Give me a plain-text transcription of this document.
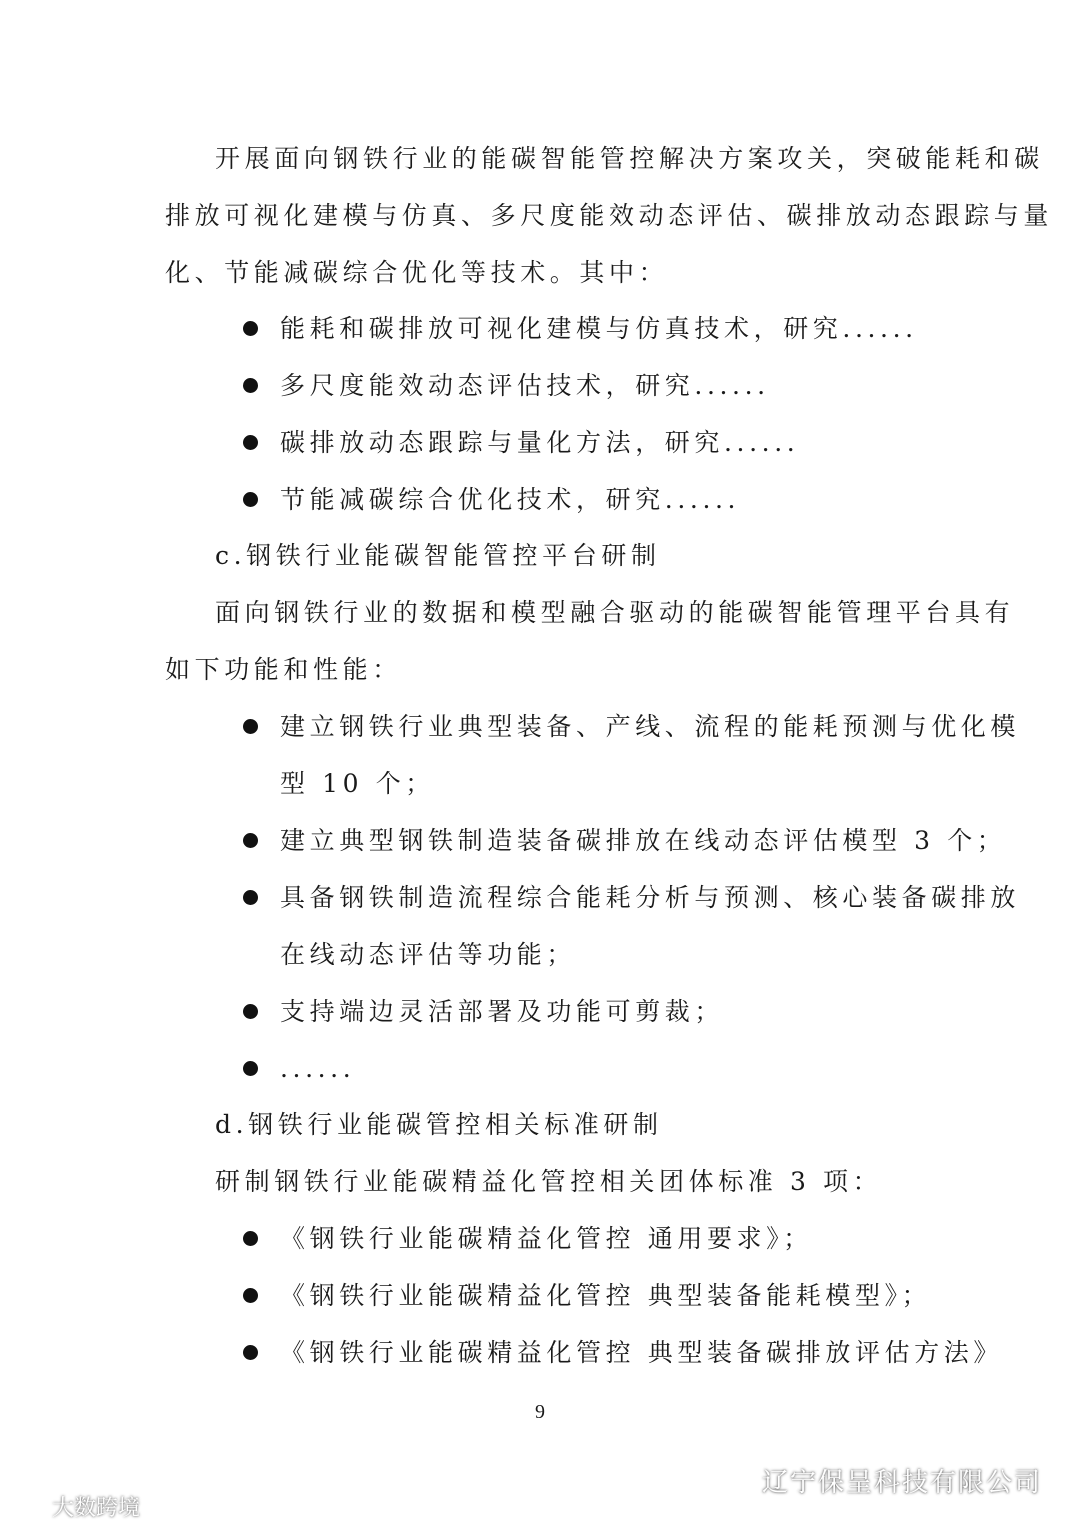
开展面向钢铁行业的能碳智能管控解决方案攻关，突破能耗和碳
排放可视化建模与仿真、多尺度能效动态评估、碳排放动态跟踪与量
化、节能减碳综合优化等技术。其中：
能耗和碳排放可视化建模与仿真技术，研究......
多尺度能效动态评估技术，研究......
碳排放动态跟踪与量化方法，研究......
节能减碳综合优化技术，研究......
c.钢铁行业能碳智能管控平台研制
面向钢铁行业的数据和模型融合驱动的能碳智能管理平台具有
如下功能和性能：
建立钢铁行业典型装备、产线、流程的能耗预测与优化模
型 10 个；
建立典型钢铁制造装备碳排放在线动态评估模型 3 个；
具备钢铁制造流程综合能耗分析与预测、核心装备碳排放
在线动态评估等功能；
支持端边灵活部署及功能可剪裁；
......
d.钢铁行业能碳管控相关标准研制
研制钢铁行业能碳精益化管控相关团体标准 3 项：
《钢铁行业能碳精益化管控 通用要求》；
《钢铁行业能碳精益化管控 典型装备能耗模型》；
《钢铁行业能碳精益化管控 典型装备碳排放评估方法》
9
辽宁保呈科技有限公司
大数跨境
